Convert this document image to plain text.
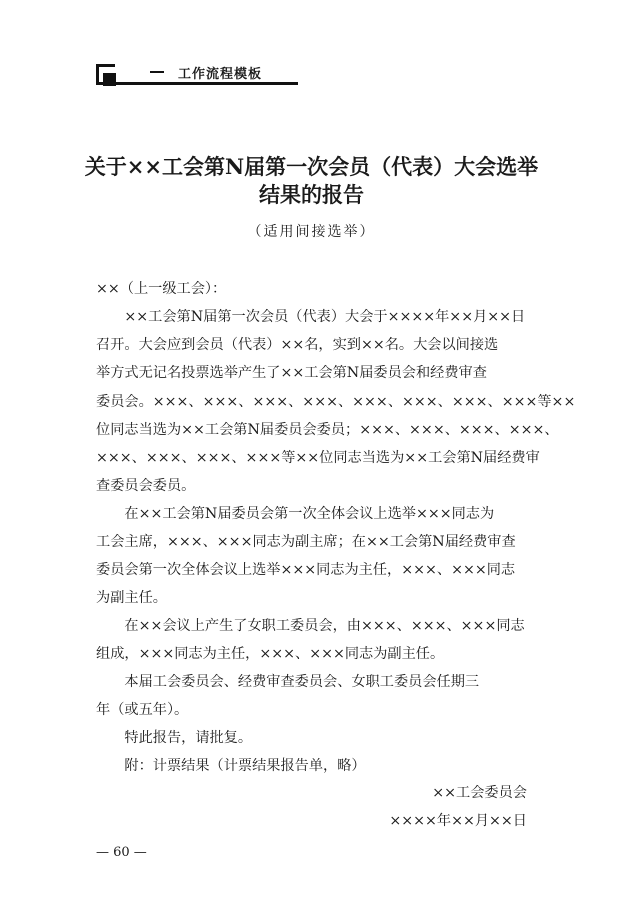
工作流程模板
关于××工会第N届第一次会员（代表）大会选举
结果的报告
（适用间接选举）
××（上一级工会）：
　　××工会第N届第一次会员（代表）大会于××××年××月××日
召开。大会应到会员（代表）××名，实到××名。大会以间接选
举方式无记名投票选举产生了××工会第N届委员会和经费审查
委员会。×××、×××、×××、×××、×××、×××、×××、×××等××
位同志当选为××工会第N届委员会委员；×××、×××、×××、×××、
×××、×××、×××、×××等××位同志当选为××工会第N届经费审
查委员会委员。
　　在××工会第N届委员会第一次全体会议上选举×××同志为
工会主席，×××、×××同志为副主席；在××工会第N届经费审查
委员会第一次全体会议上选举×××同志为主任，×××、×××同志
为副主任。
　　在××会议上产生了女职工委员会，由×××、×××、×××同志
组成，×××同志为主任，×××、×××同志为副主任。
　　本届工会委员会、经费审查委员会、女职工委员会任期三
年（或五年）。
　　特此报告，请批复。
　　附：计票结果（计票结果报告单，略）
××工会委员会
××××年××月××日
— 60 —
